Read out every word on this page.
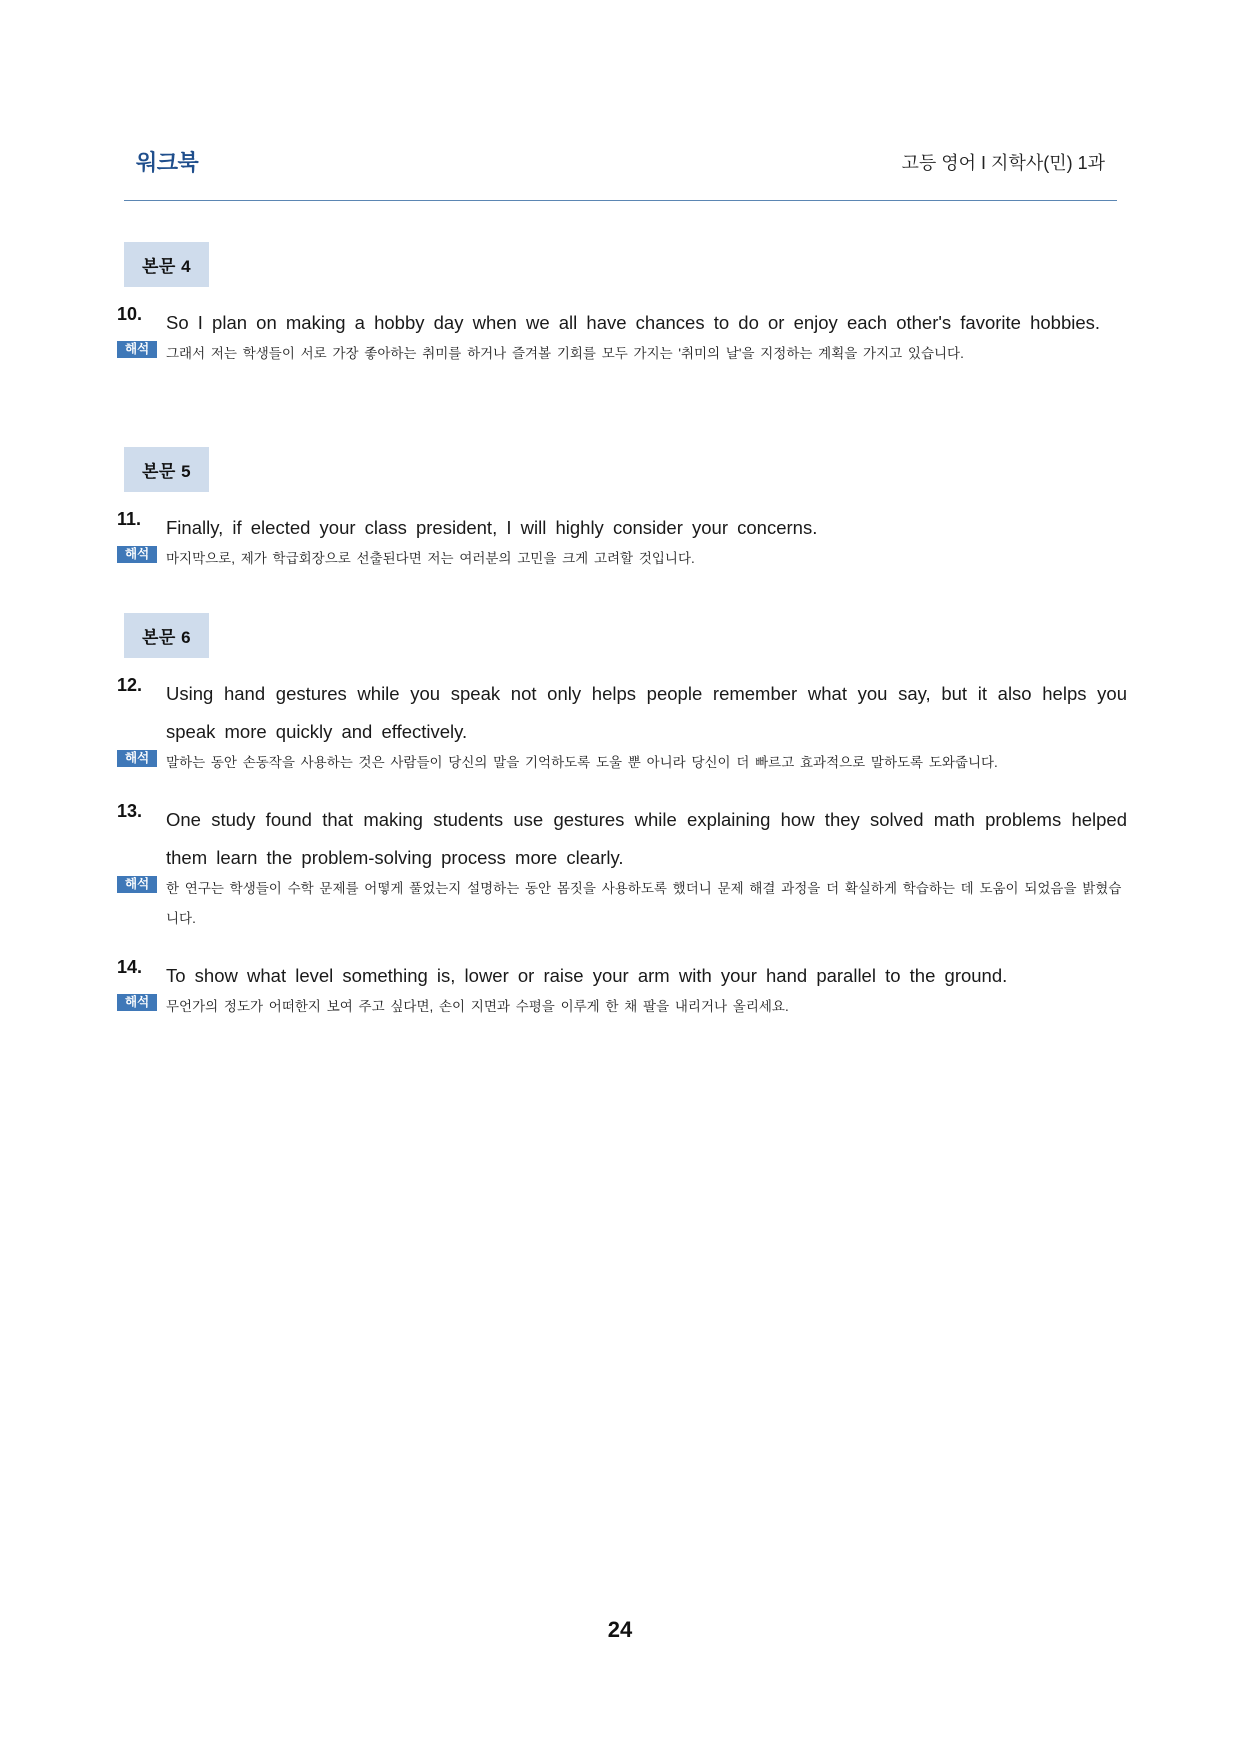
워크북	고등 영어 I 지학사(민) 1과
본문 4
10. So I plan on making a hobby day when we all have chances to do or enjoy each other's favorite hobbies.
해석	그래서 저는 학생들이 서로 가장 좋아하는 취미를 하거나 즐겨볼 기회를 모두 가지는 '취미의 날'을 지정하는 계획을 가지고 있습니다.
본문 5
11. Finally, if elected your class president, I will highly consider your concerns.
해석	마지막으로, 제가 학급회장으로 선출된다면 저는 여러분의 고민을 크게 고려할 것입니다.
본문 6
12. Using hand gestures while you speak not only helps people remember what you say, but it also helps you speak more quickly and effectively.
해석	말하는 동안 손동작을 사용하는 것은 사람들이 당신의 말을 기억하도록 도울 뿐 아니라 당신이 더 빠르고 효과적으로 말하도록 도와줍니다.
13. One study found that making students use gestures while explaining how they solved math problems helped them learn the problem-solving process more clearly.
해석	한 연구는 학생들이 수학 문제를 어떻게 풀었는지 설명하는 동안 몸짓을 사용하도록 했더니 문제 해결 과정을 더 확실하게 학습하는 데 도움이 되었음을 밝혔습니다.
14. To show what level something is, lower or raise your arm with your hand parallel to the ground.
해석	무언가의 정도가 어떠한지 보여 주고 싶다면, 손이 지면과 수평을 이루게 한 채 팔을 내리거나 올리세요.
24
